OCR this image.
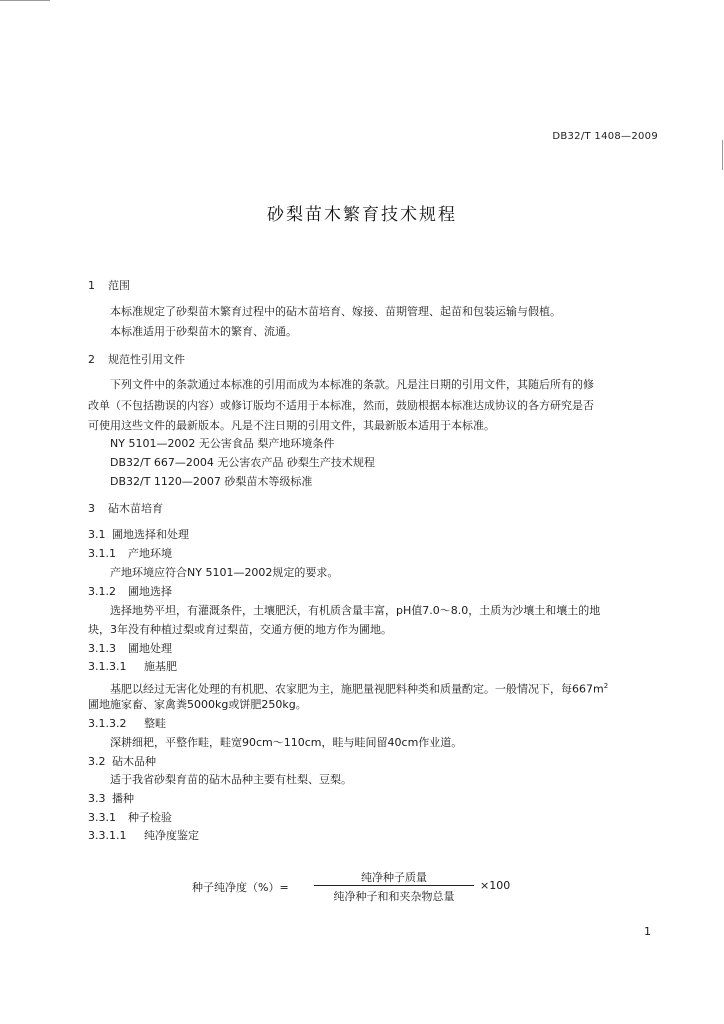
DB32/T 1408—2009
砂梨苗木繁育技术规程
1 范围
本标准规定了砂梨苗木繁育过程中的砧木苗培育、嫁接、苗期管理、起苗和包装运输与假植。
本标准适用于砂梨苗木的繁育、流通。
2 规范性引用文件
下列文件中的条款通过本标准的引用而成为本标准的条款。凡是注日期的引用文件，其随后所有的修
改单（不包括勘误的内容）或修订版均不适用于本标准，然而，鼓励根据本标准达成协议的各方研究是否
可使用这些文件的最新版本。凡是不注日期的引用文件，其最新版本适用于本标准。
NY 5101—2002 无公害食品 梨产地环境条件
DB32/T 667—2004 无公害农产品 砂梨生产技术规程
DB32/T 1120—2007 砂梨苗木等级标准
3 砧木苗培育
3.1 圃地选择和处理
3.1.1 产地环境
产地环境应符合NY 5101—2002规定的要求。
3.1.2 圃地选择
选择地势平坦，有灌溉条件，土壤肥沃，有机质含量丰富，pH值7.0～8.0，土质为沙壤土和壤土的地
块，3年没有种植过梨或育过梨苗，交通方便的地方作为圃地。
3.1.3 圃地处理
3.1.3.1 施基肥
基肥以经过无害化处理的有机肥、农家肥为主，施肥量视肥料种类和质量酌定。一般情况下，每$667m^2$
圃地施家畜、家禽粪5000kg或饼肥250kg。
3.1.3.2 整畦
深耕细耙，平整作畦，畦宽90cm～110cm，畦与畦间留40cm作业道。
3.2 砧木品种
适于我省砂梨育苗的砧木品种主要有杜梨、豆梨。
3.3 播种
3.3.1 种子检验
3.3.1.1 纯净度鉴定
种子纯净度（%）=
纯净种子质量
纯净种子和和夹杂物总量
×100
1
